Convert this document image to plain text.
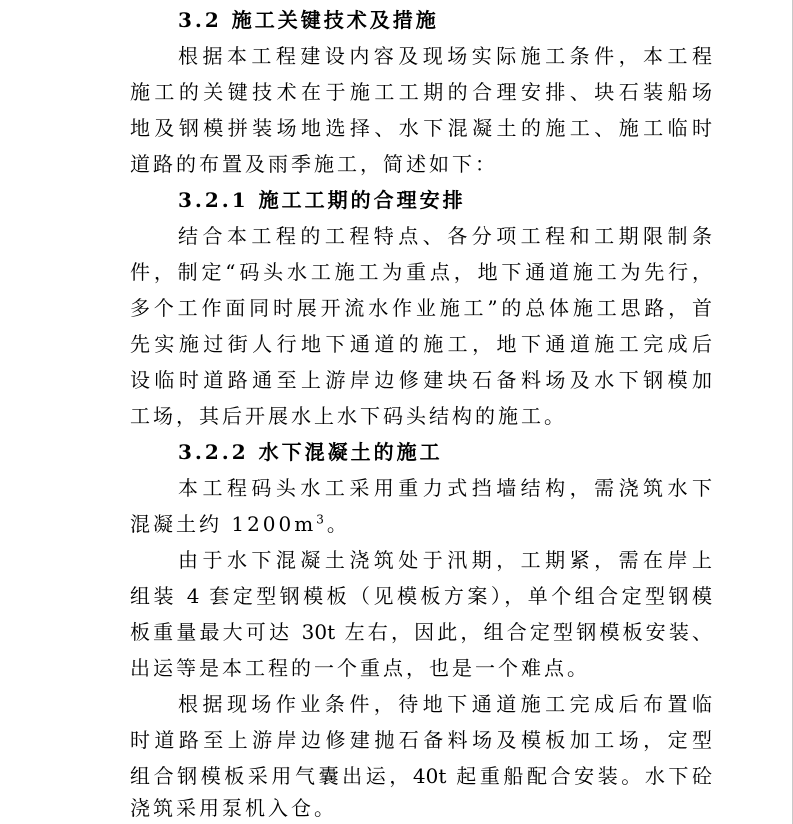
3.2 施工关键技术及措施
根据本工程建设内容及现场实际施工条件，本工程
施工的关键技术在于施工工期的合理安排、块石装船场
地及钢模拼装场地选择、水下混凝土的施工、施工临时
道路的布置及雨季施工，简述如下：
3.2.1 施工工期的合理安排
结合本工程的工程特点、各分项工程和工期限制条
件，制定“码头水工施工为重点，地下通道施工为先行，
多个工作面同时展开流水作业施工”的总体施工思路，首
先实施过街人行地下通道的施工，地下通道施工完成后
设临时道路通至上游岸边修建块石备料场及水下钢模加
工场，其后开展水上水下码头结构的施工。
3.2.2 水下混凝土的施工
本工程码头水工采用重力式挡墙结构，需浇筑水下
混凝土约 $1200m^3$。
由于水下混凝土浇筑处于汛期，工期紧，需在岸上
组装 4 套定型钢模板（见模板方案），单个组合定型钢模
板重量最大可达 30t 左右，因此，组合定型钢模板安装、
出运等是本工程的一个重点，也是一个难点。
根据现场作业条件，待地下通道施工完成后布置临
时道路至上游岸边修建抛石备料场及模板加工场，定型
组合钢模板采用气囊出运，40t 起重船配合安装。水下砼
浇筑采用泵机入仓。
